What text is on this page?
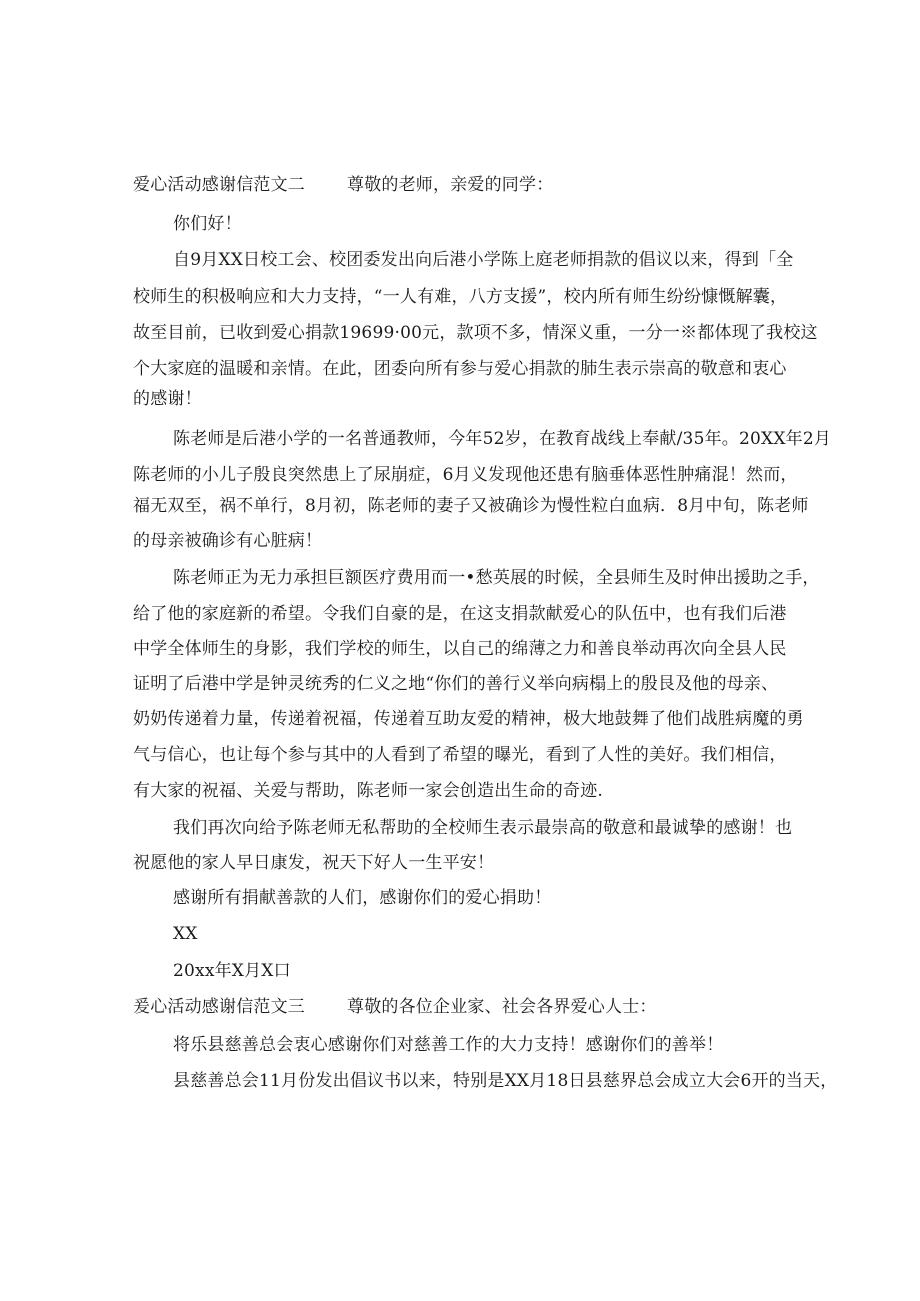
爱心活动感谢信范文二 尊敬的老师，亲爱的同学：
你们好！
自9月XX日校工会、校团委发出向后港小学陈上庭老师捐款的倡议以来，得到「全
校师生的积极响应和大力支持，“一人有难，八方支援”，校内所有师生纷纷慷慨解囊，
故至目前，已收到爱心捐款19699·00元，款项不多，情深义重，一分一※都体现了我校这
个大家庭的温暖和亲情。在此，团委向所有参与爱心捐款的肺生表示崇高的敬意和衷心
的感谢！
陈老师是后港小学的一名普通教师，今年52岁，在教育战线上奉献/35年。20XX年2月
陈老师的小儿子殷良突然患上了尿崩症，6月义发现他还患有脑垂体恶性肿痛混！然而，
福无双至，祸不单行，8月初，陈老师的妻子又被确诊为慢性粒白血病．8月中旬，陈老师
的母亲被确诊有心脏病！
陈老师正为无力承担巨额医疗费用而一•愁英展的时候，全县师生及时伸出援助之手，
给了他的家庭新的希望。令我们自豪的是，在这支捐款献爱心的队伍中，也有我们后港
中学全体师生的身影，我们学校的师生，以自己的绵薄之力和善良举动再次向全县人民
证明了后港中学是钟灵统秀的仁义之地“你们的善行义举向病榻上的殷艮及他的母亲、
奶奶传递着力量，传递着祝福，传递着互助友爱的精神，极大地鼓舞了他们战胜病魔的勇
气与信心，也让每个参与其中的人看到了希望的曝光，看到了人性的美好。我们相信，
有大家的祝福、关爱与帮助，陈老师一家会创造出生命的奇迹.
我们再次向给予陈老师无私帮助的全校师生表示最崇高的敬意和最诚挚的感谢！也
祝愿他的家人早日康发，祝天下好人一生平安！
感谢所有捐献善款的人们，感谢你们的爱心捐助！
XX
20xx年X月X口
爰心活动感谢信范文三 尊敬的各位企业家、社会各界爱心人士：
将乐县慈善总会衷心感谢你们对慈善工作的大力支持！感谢你们的善举！
县慈善总会11月份发出倡议书以来，特别是XX月18日县慈界总会成立大会6开的当天，
